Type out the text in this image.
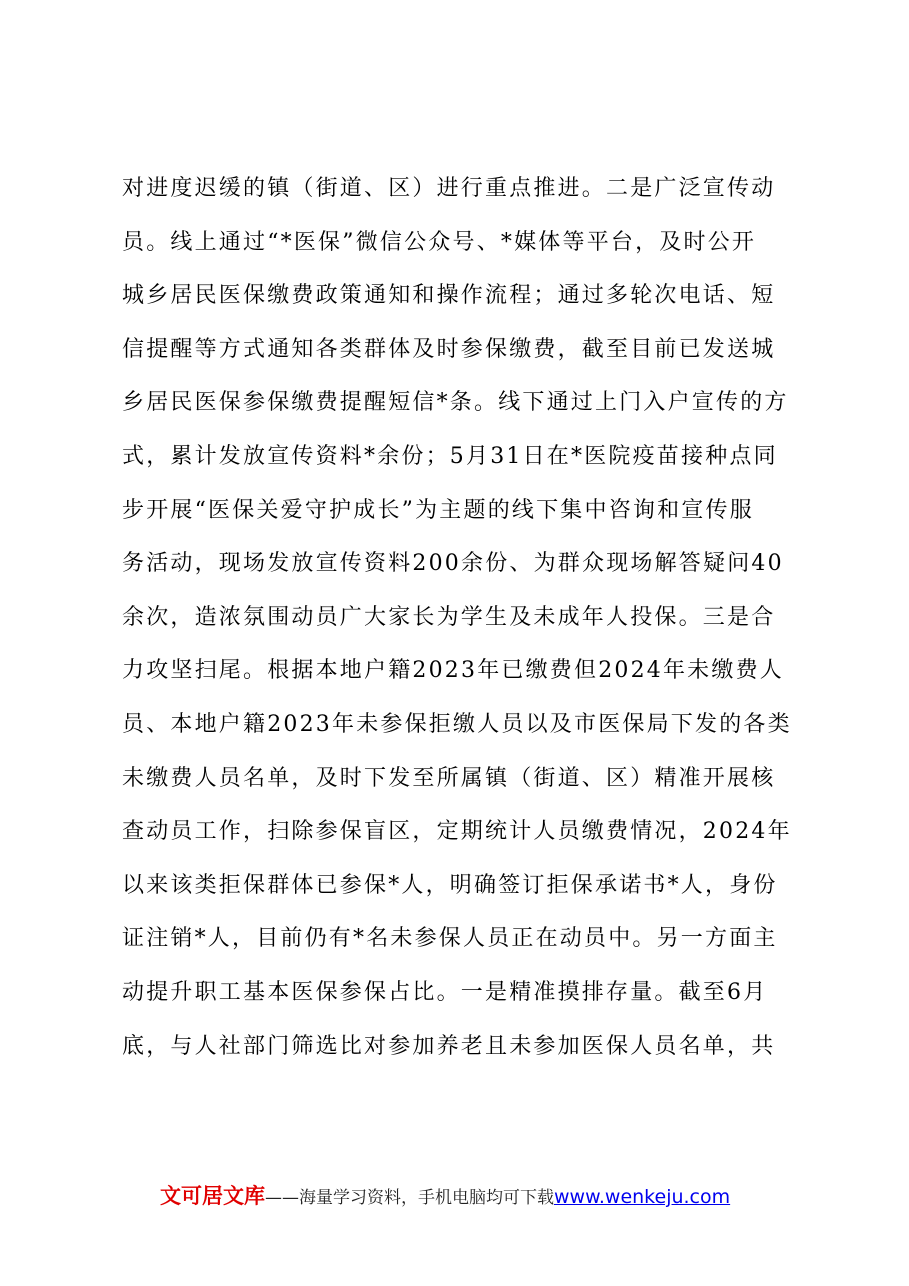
对进度迟缓的镇（街道、区）进行重点推进。二是广泛宣传动
员。线上通过“*医保”微信公众号、*媒体等平台，及时公开
城乡居民医保缴费政策通知和操作流程；通过多轮次电话、短
信提醒等方式通知各类群体及时参保缴费，截至目前已发送城
乡居民医保参保缴费提醒短信*条。线下通过上门入户宣传的方
式，累计发放宣传资料*余份；5月31日在*医院疫苗接种点同
步开展“医保关爱守护成长”为主题的线下集中咨询和宣传服
务活动，现场发放宣传资料200余份、为群众现场解答疑问40
余次，造浓氛围动员广大家长为学生及未成年人投保。三是合
力攻坚扫尾。根据本地户籍2023年已缴费但2024年未缴费人
员、本地户籍2023年未参保拒缴人员以及市医保局下发的各类
未缴费人员名单，及时下发至所属镇（街道、区）精准开展核
查动员工作，扫除参保盲区，定期统计人员缴费情况，2024年
以来该类拒保群体已参保*人，明确签订拒保承诺书*人，身份
证注销*人，目前仍有*名未参保人员正在动员中。另一方面主
动提升职工基本医保参保占比。一是精准摸排存量。截至6月
底，与人社部门筛选比对参加养老且未参加医保人员名单，共
文可居文库——海量学习资料，手机电脑均可下载www.wenkeju.com
